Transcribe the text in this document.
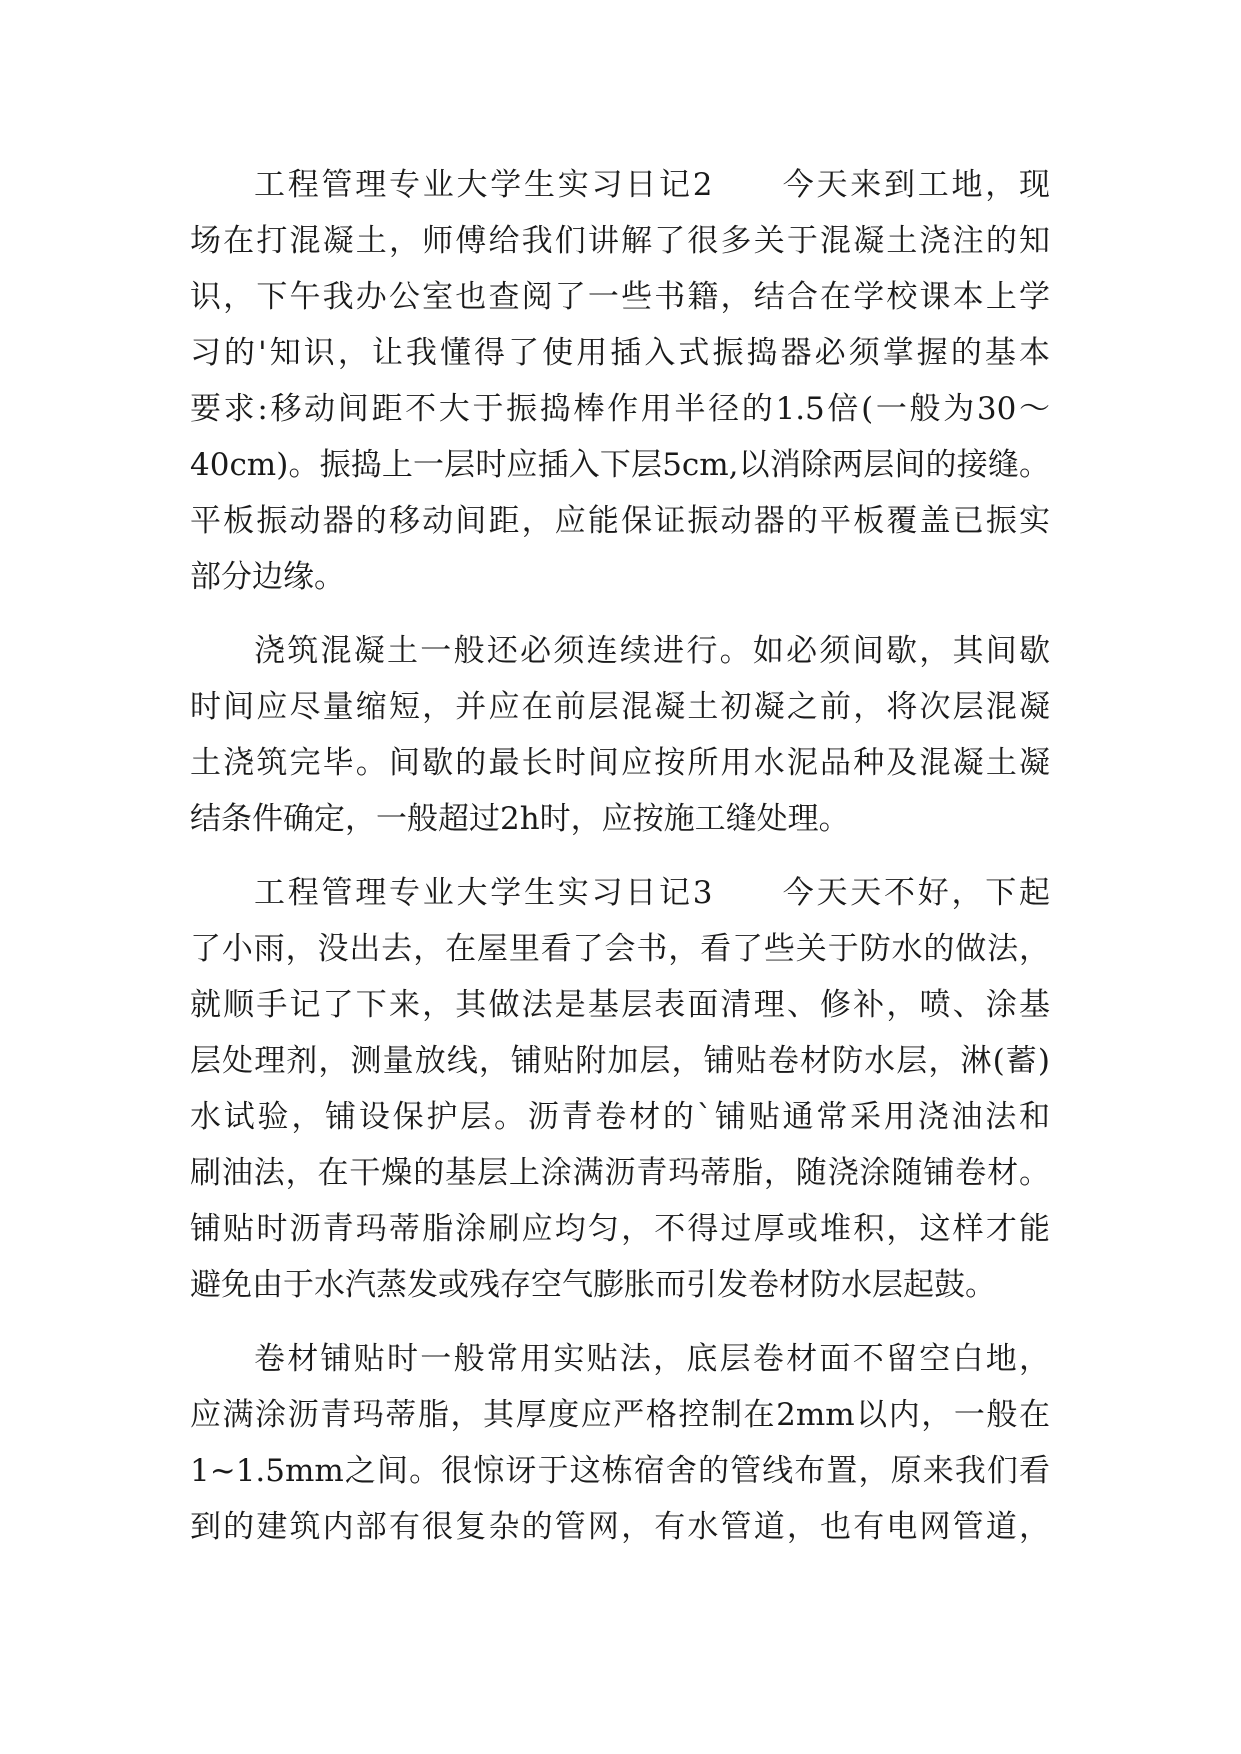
工程管理专业大学生实习日记2　　今天来到工地，现
场在打混凝土，师傅给我们讲解了很多关于混凝土浇注的知
识，下午我办公室也查阅了一些书籍，结合在学校课本上学
习的'知识，让我懂得了使用插入式振捣器必须掌握的基本
要求:移动间距不大于振捣棒作用半径的1.5倍(一般为30～
40cm)。振捣上一层时应插入下层5cm,以消除两层间的接缝。
平板振动器的移动间距，应能保证振动器的平板覆盖已振实
部分边缘。
浇筑混凝土一般还必须连续进行。如必须间歇，其间歇
时间应尽量缩短，并应在前层混凝土初凝之前，将次层混凝
土浇筑完毕。间歇的最长时间应按所用水泥品种及混凝土凝
结条件确定，一般超过2h时，应按施工缝处理。
工程管理专业大学生实习日记3　　今天天不好，下起
了小雨，没出去，在屋里看了会书，看了些关于防水的做法，
就顺手记了下来，其做法是基层表面清理、修补，喷、涂基
层处理剂，测量放线，铺贴附加层，铺贴卷材防水层，淋(蓄)
水试验，铺设保护层。沥青卷材的`铺贴通常采用浇油法和
刷油法，在干燥的基层上涂满沥青玛蒂脂，随浇涂随铺卷材。
铺贴时沥青玛蒂脂涂刷应均匀，不得过厚或堆积，这样才能
避免由于水汽蒸发或残存空气膨胀而引发卷材防水层起鼓。
卷材铺贴时一般常用实贴法，底层卷材面不留空白地，
应满涂沥青玛蒂脂，其厚度应严格控制在2mm以内，一般在
1~1.5mm之间。很惊讶于这栋宿舍的管线布置，原来我们看
到的建筑内部有很复杂的管网，有水管道，也有电网管道，
